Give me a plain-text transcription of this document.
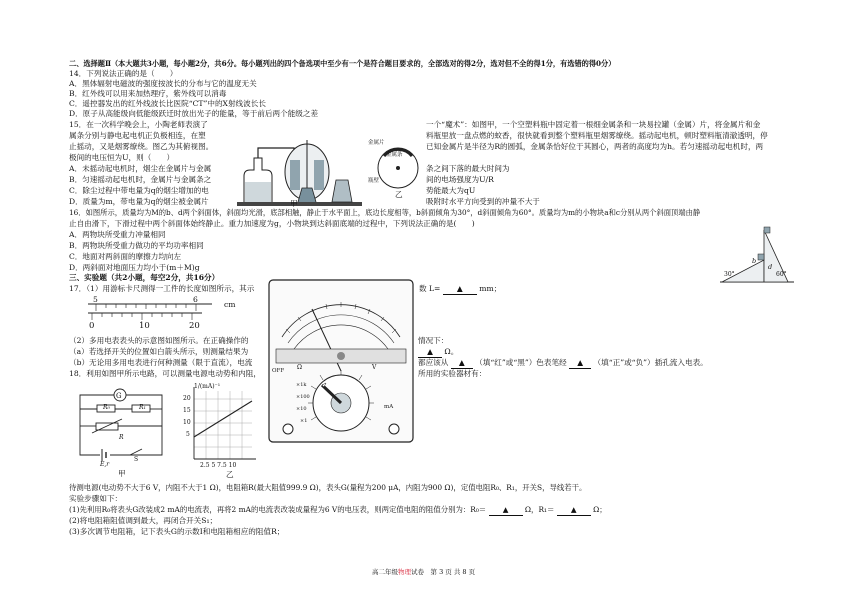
二、选择题Ⅱ（本大题共3小题，每小题2分，共6分。每小题列出的四个备选项中至少有一个是符合题目要求的，全部选对的得2分，选对但不全的得1分，有选错的得0分）
14．下列说法正确的是（　　）
A．黑体辐射电磁波的强度按波长的分布与它的温度无关
B．红外线可以用来加热理疗，紫外线可以消毒
C．遥控器发出的红外线波长比医院“CT”中的X射线波长长
D．原子从高能级向低能级跃迁时放出光子的能量，等于前后两个能级之差
15．在一次科学晚会上，小陶老师表演了
属条分别与静电起电机正负极相连，在塑
止摇动，又是烟雾缭绕。图乙为其俯视图。
极间的电压恒为U，则（　　）
A．未摇动起电机时，烟尘在金属片与金属
B．匀速摇动起电机时，金属片与金属条之
C．除尘过程中带电量为q的烟尘增加的电
D．质量为m，带电量为q的烟尘被金属片
一个“魔术”：如图甲，一个空塑料瓶中固定着一根细金属条和一块易拉罐（金属）片，将金属片和金
料瓶里放一盘点燃的蚊香，很快就看到整个塑料瓶里烟雾缭绕。摇动起电机，顿时塑料瓶清澈透明，停
已知金属片是半径为R的圆弧，金属条恰好位于其圆心，两者的高度均为h。若匀速摇动起电机时，两
条之间下落的最大时间为
间的电场强度为U/R
势能最大为qU
吸附时水平方向受到的冲量不大于
甲
金属片
金属条
瓶壁
乙
16．如图所示，质量均为M的b、d两个斜面体，斜面均光滑，底部相触，静止于水平面上，底边长度相等，b斜面倾角为30°，d斜面倾角为60°。质量均为m的小物块a和c分别从两个斜面顶端由静
止自由滑下，下滑过程中两个斜面体始终静止。重力加速度为g，小物块到达斜面底端的过程中，下列说法正确的是(　　)
A．两物块所受重力冲量相同
B．两物块所受重力做功的平均功率相同
C．地面对两斜面的摩擦力均向左
D．两斜面对地面压力均小于(m＋M)g
30°	60°
b
d
三、实验题（共2小题，每空2分，共16分）
17．（1）用游标卡尺测得一工件的长度如图所示，其示	数 L= ▲ mm；
5	6
cm
0	10	20
（2）多用电表表头的示意图如图所示。在正确操作的
（a）若选择开关的位置如白箭头所示，则测量结果为
（b）无论用多用电表进行何种测量（限于直流），电流
情况下：
▲ Ω。
都应该从 ▲ （填“红”或“黑”）色表笔经 ▲ （填“正”或“负”）插孔流入电表。
OFF Ω	V
mA
×1k
×100
×10
×1
18．利用如图甲所示电路，可以测量电源电动势和内阻，	所用的实验器材有：
G
R₀	R₁
R
E,r
S
甲
1/(mA)⁻¹
20
15
10
5
2.5 5 7.5 10
乙
待测电源(电动势不大于6 V，内阻不大于1 Ω)，电阻箱R(最大阻值999.9 Ω)，表头G(量程为200 μA，内阻为900 Ω)，定值电阻R₀、R₁，开关S，导线若干。
实验步骤如下：
(1)先利用R₀将表头G改装成2 mA的电流表，再将2 mA的电流表改装成量程为6 V的电压表，则两定值电阻的阻值分别为：R₀＝ ▲ Ω，R₁＝ ▲ Ω；
(2)将电阻箱阻值调到最大，再闭合开关S₁；
(3)多次调节电阻箱，记下表头G的示数I和电阻箱相应的阻值R；
高二年级物理试卷　第 3 页 共 8 页
